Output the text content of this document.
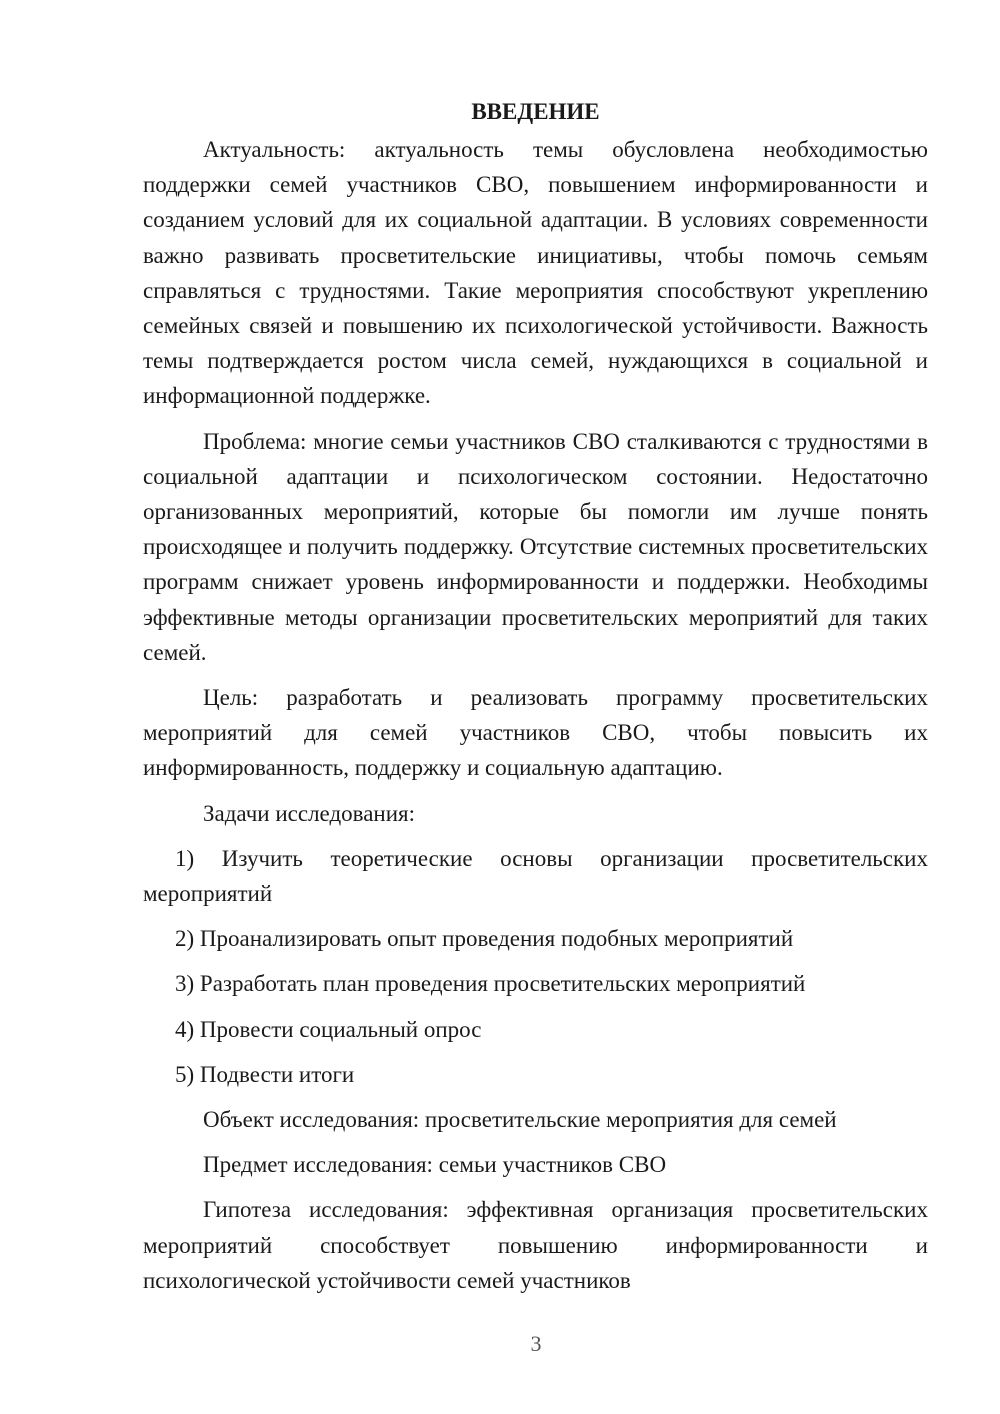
ВВЕДЕНИЕ

Актуальность: актуальность темы обусловлена необходимостью поддержки семей участников СВО, повышением информированности и созданием условий для их социальной адаптации. В условиях современности важно развивать просветительские инициативы, чтобы помочь семьям справляться с трудностями. Такие мероприятия способствуют укреплению семейных связей и повышению их психологической устойчивости. Важность темы подтверждается ростом числа семей, нуждающихся в социальной и информационной поддержке.

Проблема: многие семьи участников СВО сталкиваются с трудностями в социальной адаптации и психологическом состоянии. Недостаточно организованных мероприятий, которые бы помогли им лучше понять происходящее и получить поддержку. Отсутствие системных просветительских программ снижает уровень информированности и поддержки. Необходимы эффективные методы организации просветительских мероприятий для таких семей.

Цель: разработать и реализовать программу просветительских мероприятий для семей участников СВО, чтобы повысить их информированность, поддержку и социальную адаптацию.

Задачи исследования:

1) Изучить теоретические основы организации просветительских мероприятий

2) Проанализировать опыт проведения подобных мероприятий

3) Разработать план проведения просветительских мероприятий

4) Провести социальный опрос

5) Подвести итоги

Объект исследования: просветительские мероприятия для семей

Предмет исследования: семьи участников СВО

Гипотеза исследования: эффективная организация просветительских мероприятий способствует повышению информированности и психологической устойчивости семей участников

3
